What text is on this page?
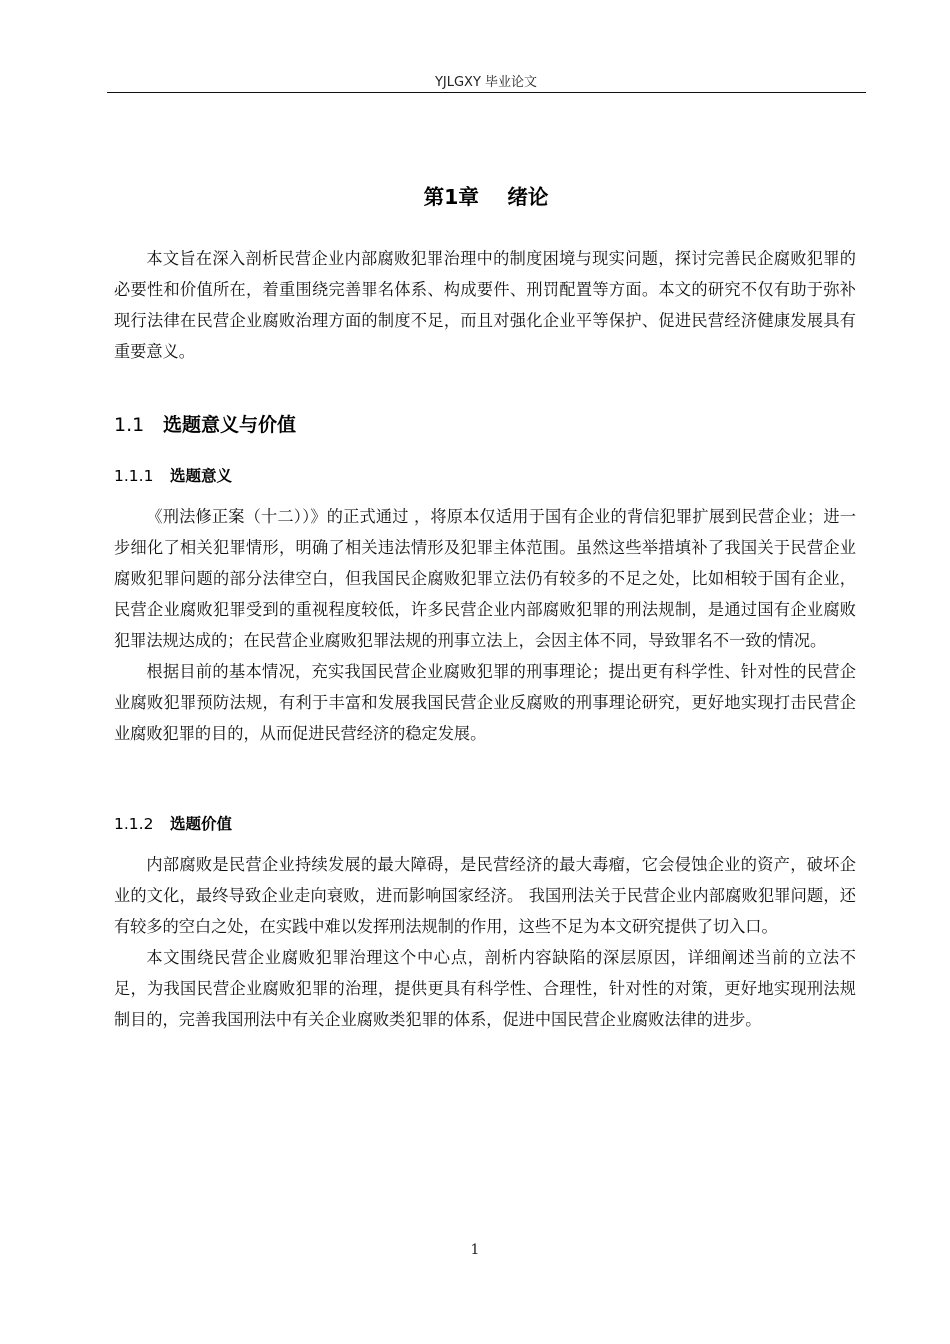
YJLGXY 毕业论文
第1章    绪论

本文旨在深入剖析民营企业内部腐败犯罪治理中的制度困境与现实问题，探讨完善民企腐败犯罪的必要性和价值所在，着重围绕完善罪名体系、构成要件、刑罚配置等方面。本文的研究不仅有助于弥补现行法律在民营企业腐败治理方面的制度不足，而且对强化企业平等保护、促进民营经济健康发展具有重要意义。

1.1 选题意义与价值
1.1.1 选题意义

《刑法修正案（十二））》的正式通过 ，将原本仅适用于国有企业的背信犯罪扩展到民营企业；进一步细化了相关犯罪情形，明确了相关违法情形及犯罪主体范围。虽然这些举措填补了我国关于民营企业腐败犯罪问题的部分法律空白，但我国民企腐败犯罪立法仍有较多的不足之处，比如相较于国有企业，民营企业腐败犯罪受到的重视程度较低，许多民营企业内部腐败犯罪的刑法规制，是通过国有企业腐败犯罪法规达成的；在民营企业腐败犯罪法规的刑事立法上，会因主体不同，导致罪名不一致的情况。

根据目前的基本情况，充实我国民营企业腐败犯罪的刑事理论；提出更有科学性、针对性的民营企业腐败犯罪预防法规，有利于丰富和发展我国民营企业反腐败的刑事理论研究，更好地实现打击民营企业腐败犯罪的目的，从而促进民营经济的稳定发展。

1.1.2 选题价值

内部腐败是民营企业持续发展的最大障碍，是民营经济的最大毒瘤，它会侵蚀企业的资产，破坏企业的文化，最终导致企业走向衰败，进而影响国家经济。 我国刑法关于民营企业内部腐败犯罪问题，还有较多的空白之处，在实践中难以发挥刑法规制的作用，这些不足为本文研究提供了切入口。

本文围绕民营企业腐败犯罪治理这个中心点，剖析内容缺陷的深层原因，详细阐述当前的立法不足，为我国民营企业腐败犯罪的治理，提供更具有科学性、合理性，针对性的对策，更好地实现刑法规制目的，完善我国刑法中有关企业腐败类犯罪的体系，促进中国民营企业腐败法律的进步。

1
